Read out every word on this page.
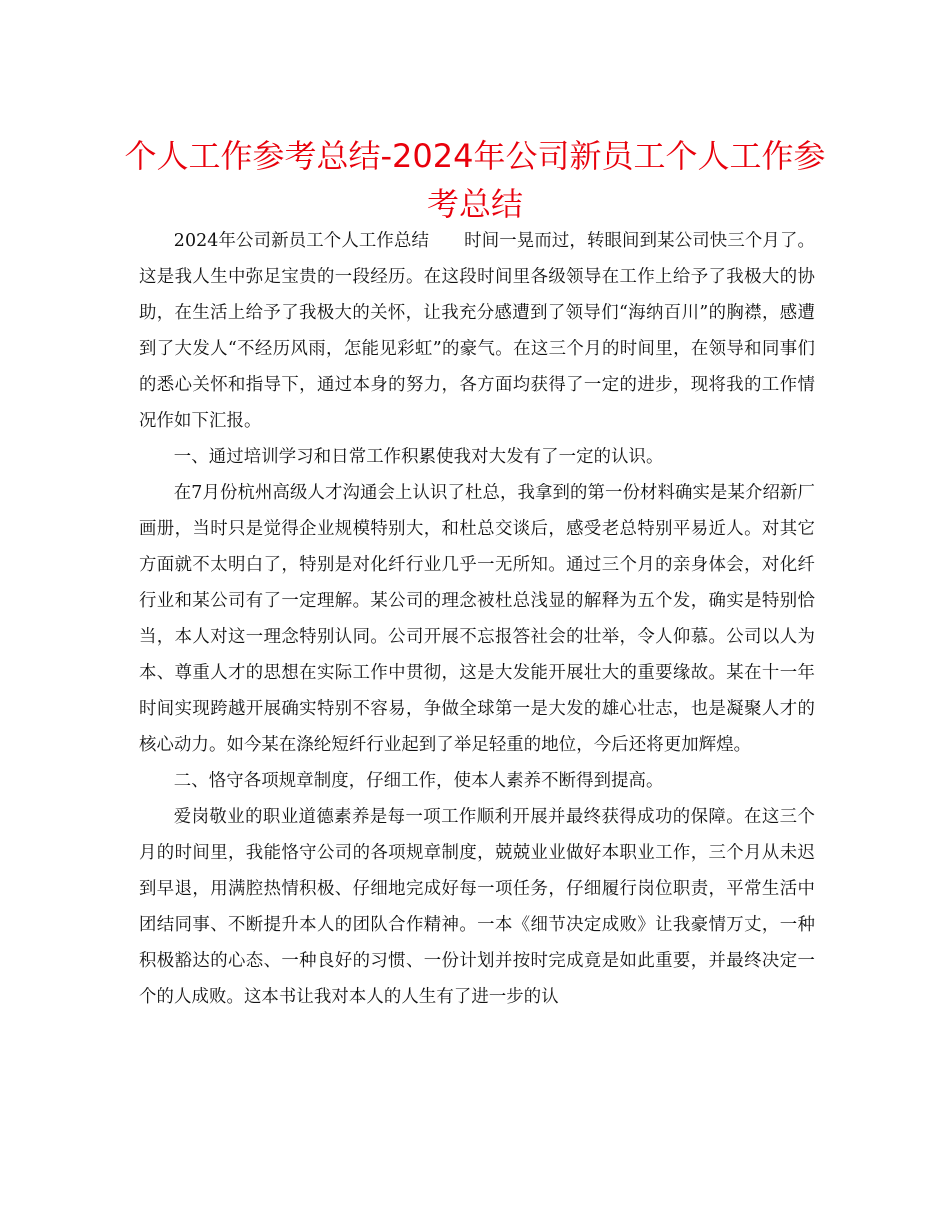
个人工作参考总结-2024年公司新员工个人工作参考总结

2024年公司新员工个人工作总结　　时间一晃而过，转眼间到某公司快三个月了。这是我人生中弥足宝贵的一段经历。在这段时间里各级领导在工作上给予了我极大的协助，在生活上给予了我极大的关怀，让我充分感遭到了领导们“海纳百川”的胸襟，感遭到了大发人“不经历风雨，怎能见彩虹”的豪气。在这三个月的时间里，在领导和同事们的悉心关怀和指导下，通过本身的努力，各方面均获得了一定的进步，现将我的工作情况作如下汇报。

一、通过培训学习和日常工作积累使我对大发有了一定的认识。

在7月份杭州高级人才沟通会上认识了杜总，我拿到的第一份材料确实是某介绍新厂画册，当时只是觉得企业规模特别大，和杜总交谈后，感受老总特别平易近人。对其它方面就不太明白了，特别是对化纤行业几乎一无所知。通过三个月的亲身体会，对化纤行业和某公司有了一定理解。某公司的理念被杜总浅显的解释为五个发，确实是特别恰当，本人对这一理念特别认同。公司开展不忘报答社会的壮举，令人仰慕。公司以人为本、尊重人才的思想在实际工作中贯彻，这是大发能开展壮大的重要缘故。某在十一年时间实现跨越开展确实特别不容易，争做全球第一是大发的雄心壮志，也是凝聚人才的核心动力。如今某在涤纶短纤行业起到了举足轻重的地位，今后还将更加辉煌。

二、恪守各项规章制度，仔细工作，使本人素养不断得到提高。

爱岗敬业的职业道德素养是每一项工作顺利开展并最终获得成功的保障。在这三个月的时间里，我能恪守公司的各项规章制度，兢兢业业做好本职业工作，三个月从未迟到早退，用满腔热情积极、仔细地完成好每一项任务，仔细履行岗位职责，平常生活中团结同事、不断提升本人的团队合作精神。一本《细节决定成败》让我豪情万丈，一种积极豁达的心态、一种良好的习惯、一份计划并按时完成竟是如此重要，并最终决定一个的人成败。这本书让我对本人的人生有了进一步的认
